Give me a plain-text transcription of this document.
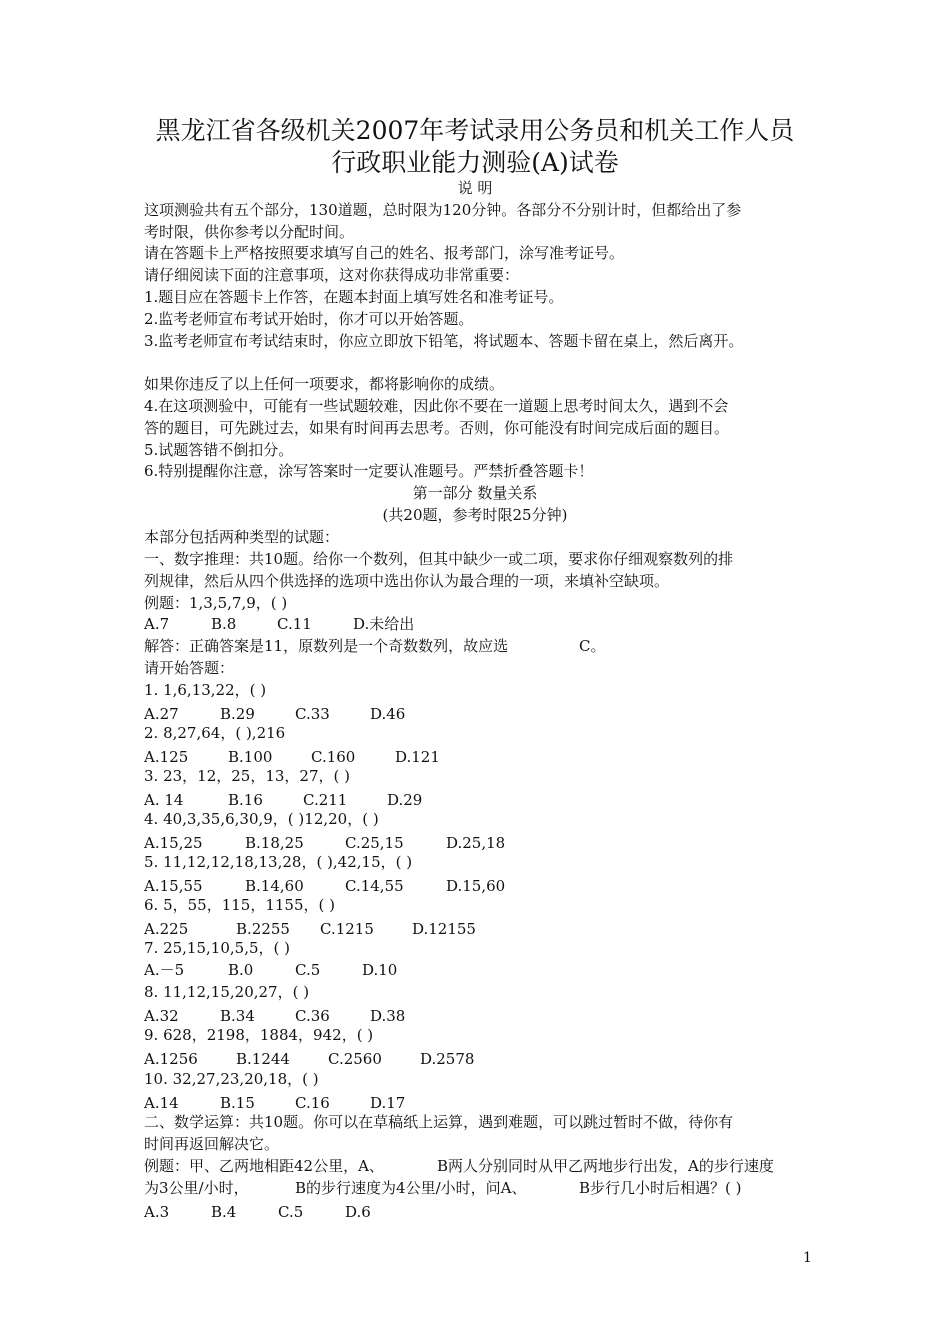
黑龙江省各级机关2007年考试录用公务员和机关工作人员
行政职业能力测验(A)试卷
说 明
这项测验共有五个部分，130道题，总时限为120分钟。各部分不分别计时，但都给出了参
考时限，供你参考以分配时间。
请在答题卡上严格按照要求填写自己的姓名、报考部门，涂写准考证号。
请仔细阅读下面的注意事项，这对你获得成功非常重要：
1.题目应在答题卡上作答，在题本封面上填写姓名和准考证号。
2.监考老师宣布考试开始时，你才可以开始答题。
3.监考老师宣布考试结束时，你应立即放下铅笔，将试题本、答题卡留在桌上，然后离开。
如果你违反了以上任何一项要求，都将影响你的成绩。
4.在这项测验中，可能有一些试题较难，因此你不要在一道题上思考时间太久，遇到不会
答的题目，可先跳过去，如果有时间再去思考。否则，你可能没有时间完成后面的题目。
5.试题答错不倒扣分。
6.特别提醒你注意，涂写答案时一定要认准题号。严禁折叠答题卡！
第一部分 数量关系
(共20题，参考时限25分钟)
本部分包括两种类型的试题：
一、数字推理：共10题。给你一个数列，但其中缺少一或二项，要求你仔细观察数列的排
列规律，然后从四个供选择的选项中选出你认为最合理的一项，来填补空缺项。
例题：1,3,5,7,9，( )
A.7	B.8	C.11	D.未给出
解答：正确答案是11，原数列是一个奇数数列，故应选	C。
请开始答题：
1. 1,6,13,22，( )
A.27	B.29	C.33	D.46
2. 8,27,64，( ),216
A.125	B.100	C.160	D.121
3. 23，12，25，13，27，( )
A. 14	B.16	C.211	D.29
4. 40,3,35,6,30,9，( )12,20，( )
A.15,25	B.18,25	C.25,15	D.25,18
5. 11,12,12,18,13,28，( ),42,15，( )
A.15,55	B.14,60	C.14,55	D.15,60
6. 5，55，115，1155，( )
A.225	B.2255 C.1215	D.12155
7. 25,15,10,5,5，( )
A.－5	B.0	C.5	D.10
8. 11,12,15,20,27，( )
A.32	B.34	C.36	D.38
9. 628，2198，1884，942，( )
A.1256	B.1244	C.2560	D.2578
10. 32,27,23,20,18，( )
A.14	B.15	C.16	D.17
二、数学运算：共10题。你可以在草稿纸上运算，遇到难题，可以跳过暂时不做，待你有
时间再返回解决它。
例题：甲、乙两地相距42公里，A、	B两人分别同时从甲乙两地步行出发，A的步行速度
为3公里/小时，	B的步行速度为4公里/小时，问A、	B步行几小时后相遇？( )
A.3	B.4	C.5	D.6
1
